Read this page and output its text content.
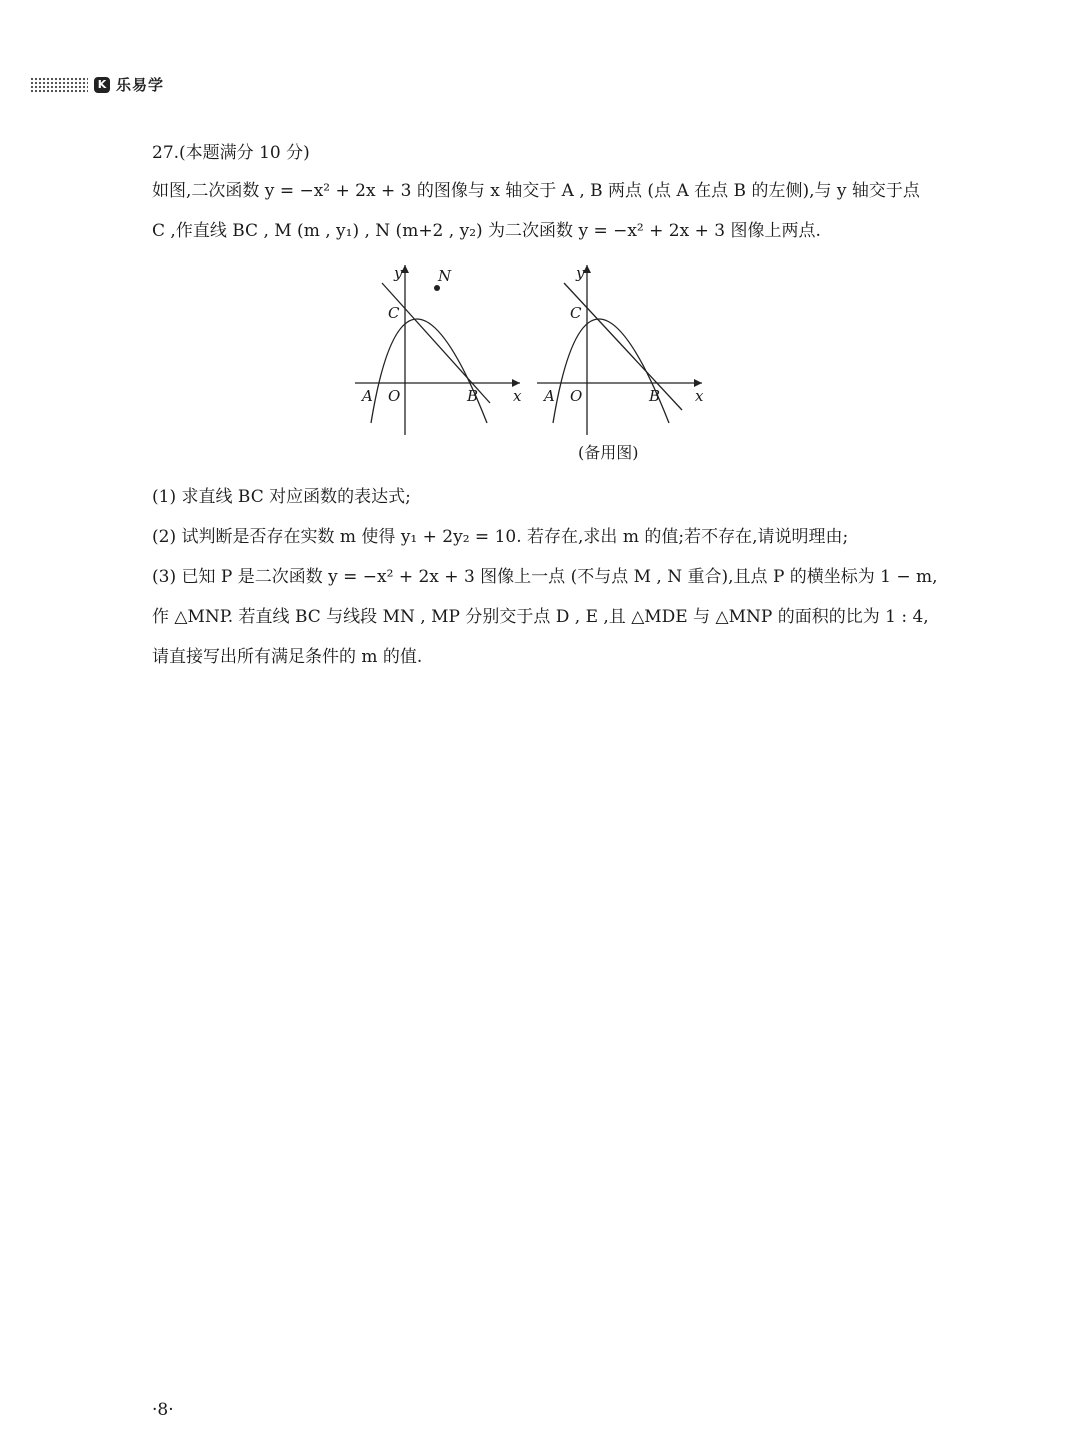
K 乐易学
27.(本题满分 10 分)
如图,二次函数 y = −x² + 2x + 3 的图像与 x 轴交于 A , B 两点 (点 A 在点 B 的左侧),与 y 轴交于点
C ,作直线 BC , M (m , y₁) , N (m+2 , y₂) 为二次函数 y = −x² + 2x + 3 图像上两点.
(1) 求直线 BC 对应函数的表达式;
(2) 试判断是否存在实数 m 使得 y₁ + 2y₂ = 10. 若存在,求出 m 的值;若不存在,请说明理由;
(3) 已知 P 是二次函数 y = −x² + 2x + 3 图像上一点 (不与点 M , N 重合),且点 P 的横坐标为 1 − m,
作 △MNP. 若直线 BC 与线段 MN , MP 分别交于点 D , E ,且 △MDE 与 △MNP 的面积的比为 1 : 4,
请直接写出所有满足条件的 m 的值.
y
x
A O	B
C
N	y
x
A O	B
C
(备用图)
·8·
